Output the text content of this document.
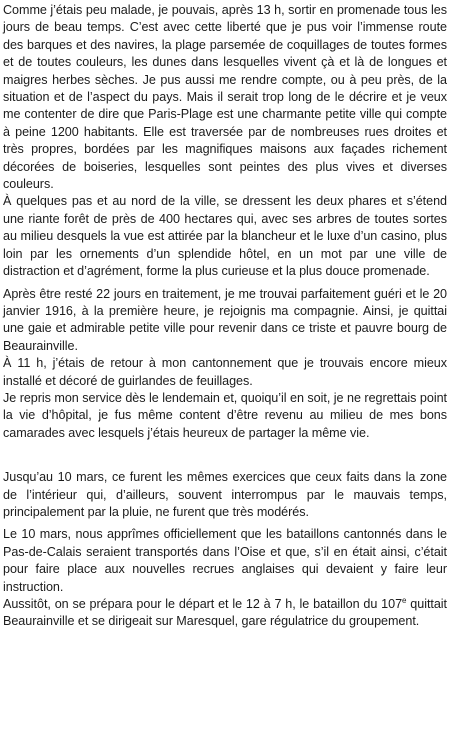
Comme j’étais peu malade, je pouvais, après 13 h, sortir en promenade tous les jours de beau temps. C’est avec cette liberté que je pus voir l’immense route des barques et des navires, la plage parsemée de coquillages de toutes formes et de toutes couleurs, les dunes dans lesquelles vivent çà et là de longues et maigres herbes sèches. Je pus aussi me rendre compte, ou à peu près, de la situation et de l’aspect du pays. Mais il serait trop long de le décrire et je veux me contenter de dire que Paris-Plage est une charmante petite ville qui compte à peine 1200 habitants. Elle est traversée par de nombreuses rues droites et très propres, bordées par les magnifiques maisons aux façades richement décorées de boiseries, lesquelles sont peintes des plus vives et diverses couleurs.

À quelques pas et au nord de la ville, se dressent les deux phares et s’étend une riante forêt de près de 400 hectares qui, avec ses arbres de toutes sortes au milieu desquels la vue est attirée par la blancheur et le luxe d’un casino, plus loin par les ornements d’un splendide hôtel, en un mot par une ville de distraction et d’agrément, forme la plus curieuse et la plus douce promenade.

Après être resté 22 jours en traitement, je me trouvai parfaitement guéri et le 20 janvier 1916, à la première heure, je rejoignis ma compagnie. Ainsi, je quittai une gaie et admirable petite ville pour revenir dans ce triste et pauvre bourg de Beaurainville.

À 11 h, j’étais de retour à mon cantonnement que je trouvais encore mieux installé et décoré de guirlandes de feuillages.

Je repris mon service dès le lendemain et, quoiqu’il en soit, je ne regrettais point la vie d’hôpital, je fus même content d’être revenu au milieu de mes bons camarades avec lesquels j’étais heureux de partager la même vie.

Jusqu’au 10 mars, ce furent les mêmes exercices que ceux faits dans la zone de l’intérieur qui, d’ailleurs, souvent interrompus par le mauvais temps, principalement par la pluie, ne furent que très modérés.

Le 10 mars, nous apprîmes officiellement que les bataillons cantonnés dans le Pas-de-Calais seraient transportés dans l’Oise et que, s’il en était ainsi, c’était pour faire place aux nouvelles recrues anglaises qui devaient y faire leur instruction.

Aussitôt, on se prépara pour le départ et le 12 à 7 h, le bataillon du 107e quittait Beaurainville et se dirigeait sur Maresquel, gare régulatrice du groupement.
